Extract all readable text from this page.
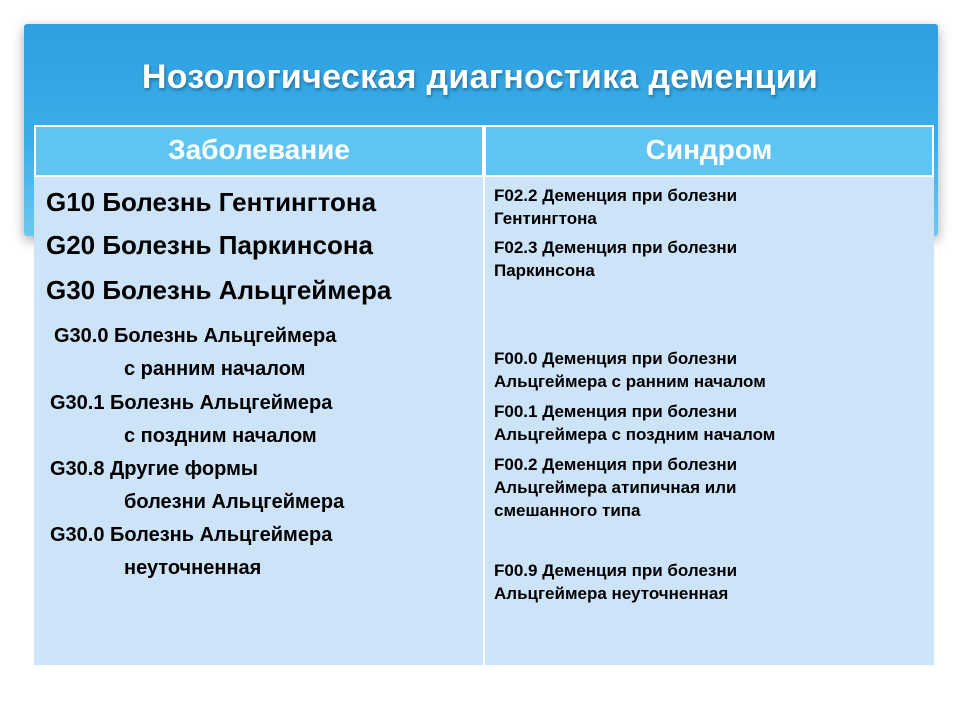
Нозологическая диагностика деменции
Заболевание	Синдром
G10 Болезнь Гентингтона
G20 Болезнь Паркинсона
G30 Болезнь Альцгеймера
G30.0 Болезнь Альцгеймера
с ранним началом
G30.1 Болезнь Альцгеймера
с поздним началом
G30.8 Другие формы
болезни Альцгеймера
G30.0 Болезнь Альцгеймера
неуточненная
F02.2 Деменция при болезни
Гентингтона
F02.3 Деменция при болезни
Паркинсона
F00.0 Деменция при болезни
Альцгеймера с ранним началом
F00.1 Деменция при болезни
Альцгеймера с поздним началом
F00.2 Деменция при болезни
Альцгеймера атипичная или
смешанного типа
F00.9 Деменция при болезни
Альцгеймера неуточненная
